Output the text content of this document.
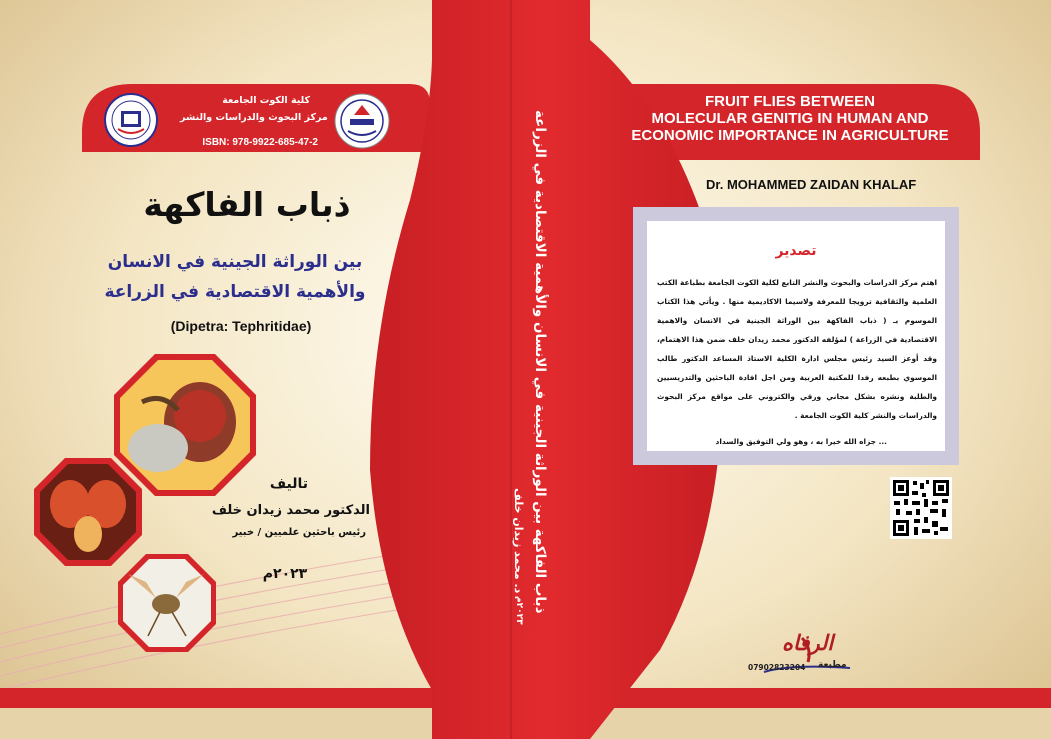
كلية الكوت الجامعة
مركز البحوث والدراسات والنشر
ISBN: 978-9922-685-47-2
ذباب الفاكهة
بين الوراثة الجينية في الانسان
والأهمية الاقتصادية في الزراعة
(Dipetra: Tephritidae)
تاليف
الدكتور محمد زيدان خلف
رئيس باحثين علميين / خبير
٢٠٢٣م	ذباب الفاكهة بين الوراثة الجينية في الانسان والأهمية الاقتصادية في الزراعة
د. محمد زيدان خلف
٢٠٢٣م
FRUIT FLIES BETWEEN
MOLECULAR GENITIG IN HUMAN AND
ECONOMIC IMPORTANCE IN AGRICULTURE
Dr. MOHAMMED ZAIDAN KHALAF
تصدير
اهتم مركز الدراسات والبحوث والنشر التابع لكلية الكوت الجامعة بطباعة الكتب العلمية والثقافية ترويجا للمعرفة ولاسيما الاكاديمية منها . ويأتي هذا الكتاب الموسوم بـ ( ذباب الفاكهة بين الوراثة الجينية في الانسان والاهمية الاقتصادية في الزراعة ) لمؤلفه الدكتور محمد زيدان خلف ضمن هذا الاهتمام، وقد أوعز السيد رئيس مجلس ادارة الكلية الاستاذ المساعد الدكتور طالب الموسوي بطبعه رفدا للمكتبة العربية ومن اجل افادة الباحثين والتدريسيين والطلبة ونشره بشكل مجاني ورقي والكتروني على مواقع مركز البحوث والدراسات والنشر كلية الكوت الجامعة .
... جزاه الله خيرا به ، وهو ولي التوفيق والسداد
الرفاه
مطبعة
07902823204
